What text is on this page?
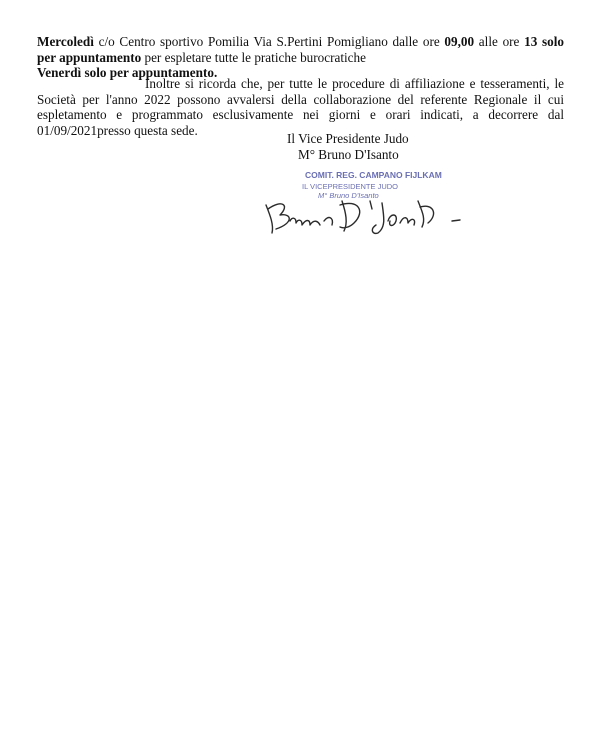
Mercoledì c/o Centro sportivo Pomilia Via S.Pertini Pomigliano dalle ore 09,00 alle ore 13 solo per appuntamento per espletare tutte le pratiche burocratiche
Venerdì solo per appuntamento.
Inoltre si ricorda che, per tutte le procedure di affiliazione e tesseramenti, le Società per l'anno 2022 possono avvalersi della collaborazione del referente Regionale il cui espletamento e programmato esclusivamente nei giorni e orari indicati, a decorrere dal 01/09/2021presso questa sede.
Il Vice Presidente Judo
M° Bruno D'Isanto
COMIT. REG. CAMPANO FIJLKAM
IL VICEPRESIDENTE JUDO
M° Bruno D'Isanto
